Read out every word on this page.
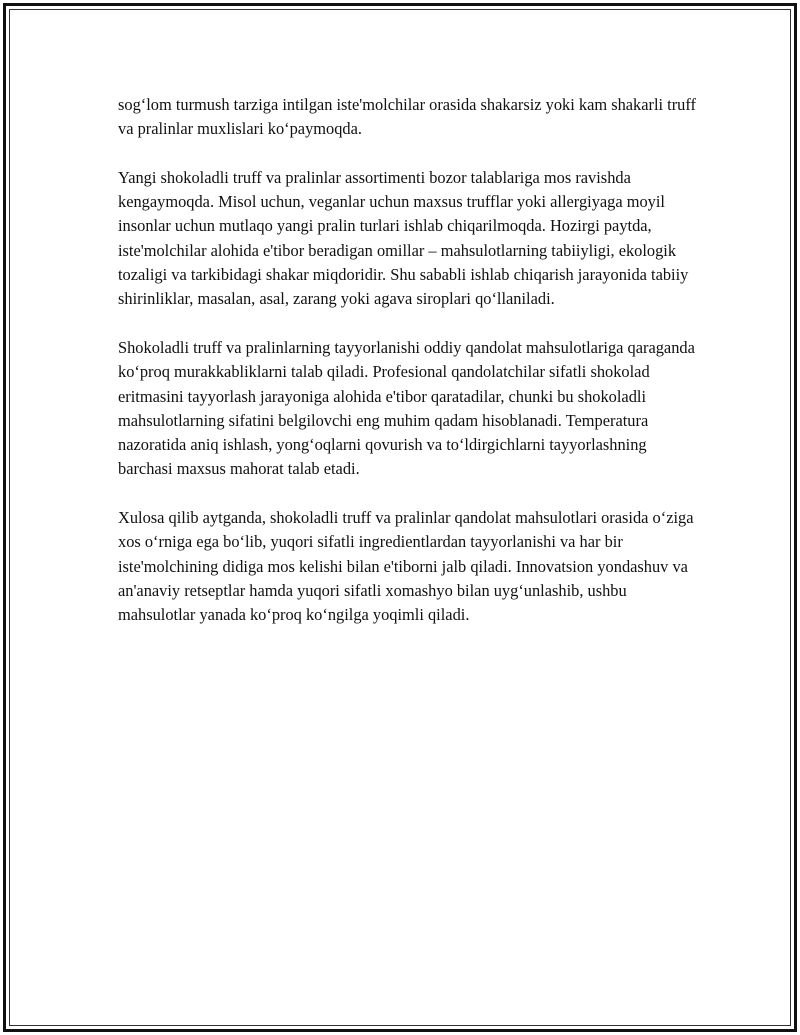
sog‘lom turmush tarziga intilgan iste'molchilar orasida shakarsiz yoki kam shakarli truff va pralinlar muxlislari ko‘paymoqda.

Yangi shokoladli truff va pralinlar assortimenti bozor talablariga mos ravishda kengaymoqda. Misol uchun, veganlar uchun maxsus trufflar yoki allergiyaga moyil insonlar uchun mutlaqo yangi pralin turlari ishlab chiqarilmoqda. Hozirgi paytda, iste'molchilar alohida e'tibor beradigan omillar – mahsulotlarning tabiiyligi, ekologik tozaligi va tarkibidagi shakar miqdoridir. Shu sababli ishlab chiqarish jarayonida tabiiy shirinliklar, masalan, asal, zarang yoki agava siroplari qo‘llaniladi.

Shokoladli truff va pralinlarning tayyorlanishi oddiy qandolat mahsulotlariga qaraganda ko‘proq murakkabliklarni talab qiladi. Profesional qandolatchilar sifatli shokolad eritmasini tayyorlash jarayoniga alohida e'tibor qaratadilar, chunki bu shokoladli mahsulotlarning sifatini belgilovchi eng muhim qadam hisoblanadi. Temperatura nazoratida aniq ishlash, yong‘oqlarni qovurish va to‘ldirgichlarni tayyorlashning barchasi maxsus mahorat talab etadi.

Xulosa qilib aytganda, shokoladli truff va pralinlar qandolat mahsulotlari orasida o‘ziga xos o‘rniga ega bo‘lib, yuqori sifatli ingredientlardan tayyorlanishi va har bir iste'molchining didiga mos kelishi bilan e'tiborni jalb qiladi. Innovatsion yondashuv va an'anaviy retseptlar hamda yuqori sifatli xomashyo bilan uyg‘unlashib, ushbu mahsulotlar yanada ko‘proq ko‘ngilga yoqimli qiladi.
